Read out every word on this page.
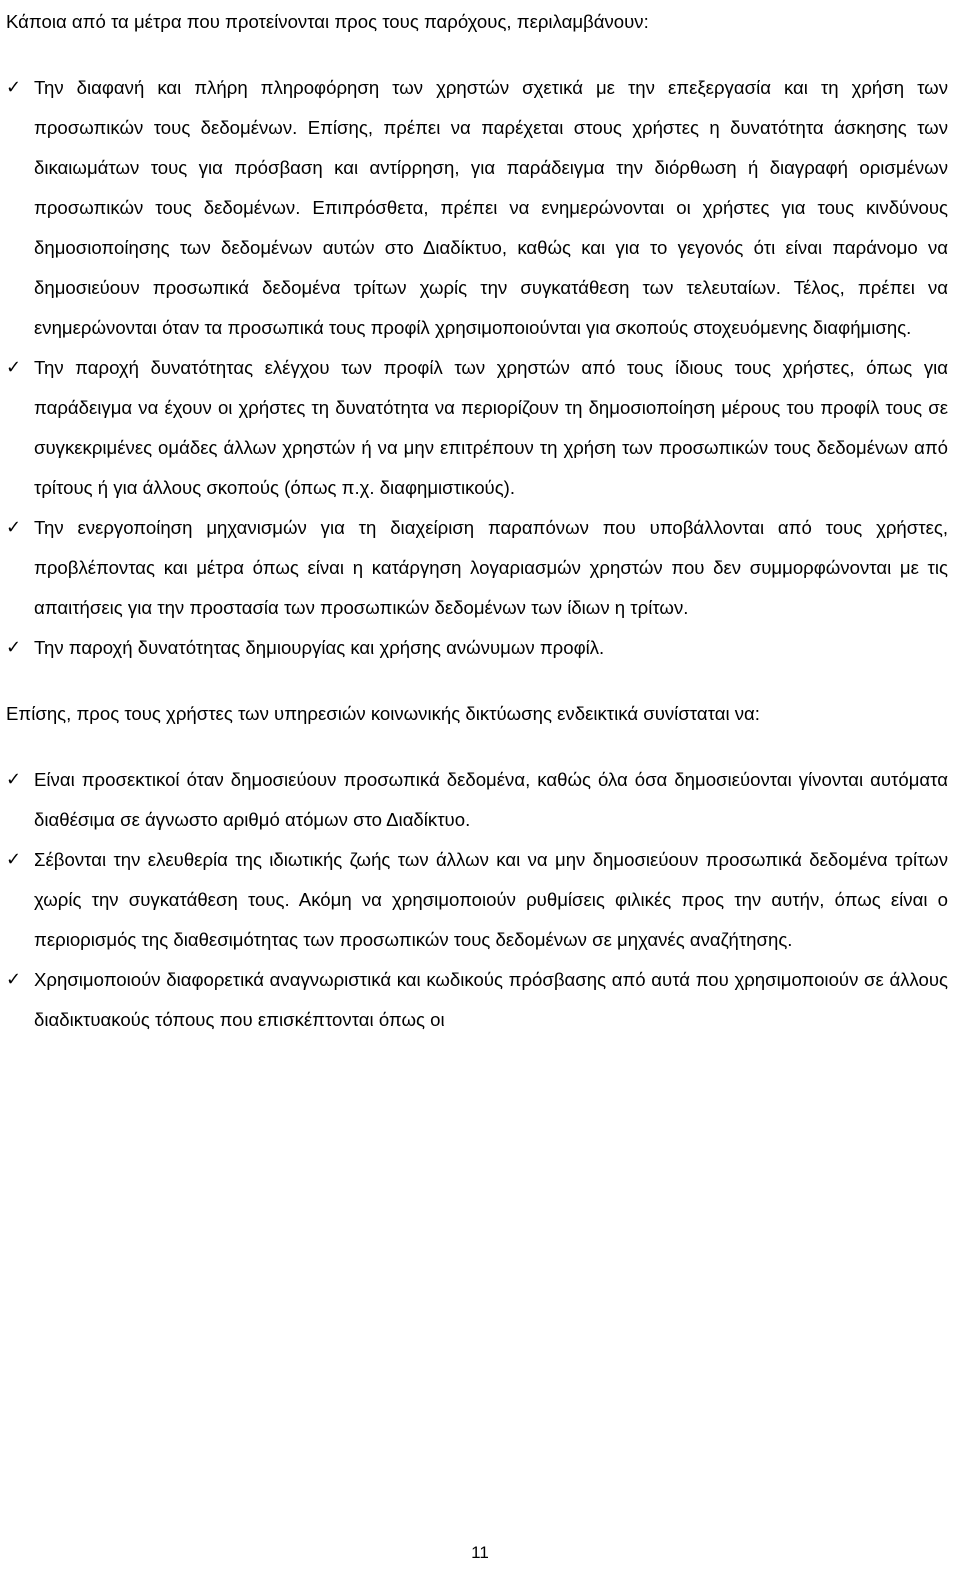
Κάποια από τα μέτρα που προτείνονται προς τους παρόχους, περιλαμβάνουν:

✓ Την διαφανή και πλήρη πληροφόρηση των χρηστών σχετικά με την επεξεργασία και τη χρήση των προσωπικών τους δεδομένων. Επίσης, πρέπει να παρέχεται στους χρήστες η δυνατότητα άσκησης των δικαιωμάτων τους για πρόσβαση και αντίρρηση, για παράδειγμα την διόρθωση ή διαγραφή ορισμένων προσωπικών τους δεδομένων. Επιπρόσθετα, πρέπει να ενημερώνονται οι χρήστες για τους κινδύνους δημοσιοποίησης των δεδομένων αυτών στο Διαδίκτυο, καθώς και για το γεγονός ότι είναι παράνομο να δημοσιεύουν προσωπικά δεδομένα τρίτων χωρίς την συγκατάθεση των τελευταίων. Τέλος, πρέπει να ενημερώνονται όταν τα προσωπικά τους προφίλ χρησιμοποιούνται για σκοπούς στοχευόμενης διαφήμισης.
✓ Την παροχή δυνατότητας ελέγχου των προφίλ των χρηστών από τους ίδιους τους χρήστες, όπως για παράδειγμα να έχουν οι χρήστες τη δυνατότητα να περιορίζουν τη δημοσιοποίηση μέρους του προφίλ τους σε συγκεκριμένες ομάδες άλλων χρηστών ή να μην επιτρέπουν τη χρήση των προσωπικών τους δεδομένων από τρίτους ή για άλλους σκοπούς (όπως π.χ. διαφημιστικούς).
✓ Την ενεργοποίηση μηχανισμών για τη διαχείριση παραπόνων που υποβάλλονται από τους χρήστες, προβλέποντας και μέτρα όπως είναι η κατάργηση λογαριασμών χρηστών που δεν συμμορφώνονται με τις απαιτήσεις για την προστασία των προσωπικών δεδομένων των ίδιων η τρίτων.
✓ Την παροχή δυνατότητας δημιουργίας και χρήσης ανώνυμων προφίλ.

Επίσης, προς τους χρήστες των υπηρεσιών κοινωνικής δικτύωσης ενδεικτικά συνίσταται να:

✓ Είναι προσεκτικοί όταν δημοσιεύουν προσωπικά δεδομένα, καθώς όλα όσα δημοσιεύονται γίνονται αυτόματα διαθέσιμα σε άγνωστο αριθμό ατόμων στο Διαδίκτυο.
✓ Σέβονται την ελευθερία της ιδιωτικής ζωής των άλλων και να μην δημοσιεύουν προσωπικά δεδομένα τρίτων χωρίς την συγκατάθεση τους. Ακόμη να χρησιμοποιούν ρυθμίσεις φιλικές προς την αυτήν, όπως είναι ο περιορισμός της διαθεσιμότητας των προσωπικών τους δεδομένων σε μηχανές αναζήτησης.
✓ Χρησιμοποιούν διαφορετικά αναγνωριστικά και κωδικούς πρόσβασης από αυτά που χρησιμοποιούν σε άλλους διαδικτυακούς τόπους που επισκέπτονται όπως οι
11
